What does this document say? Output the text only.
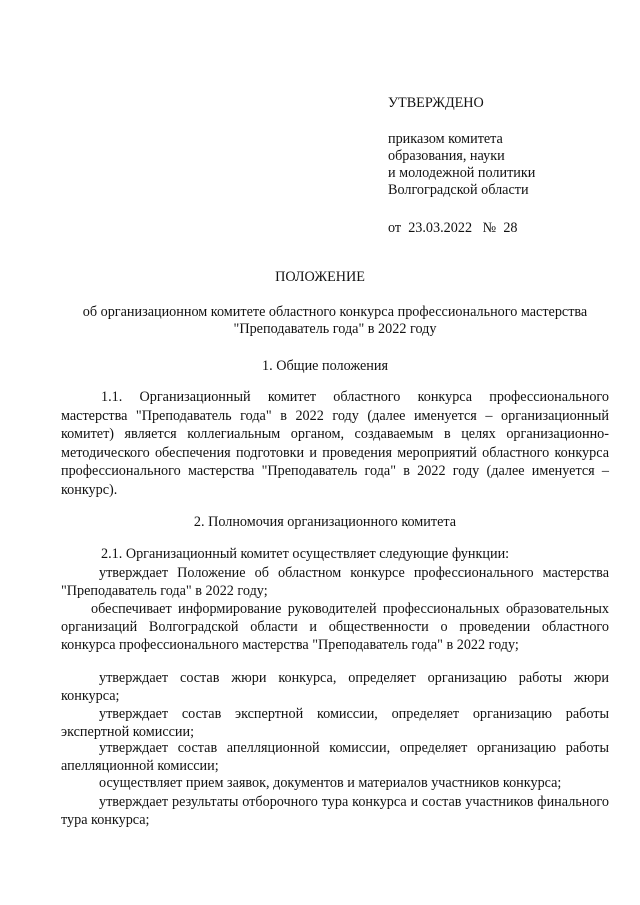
УТВЕРЖДЕНО
приказом комитета
образования, науки
и молодежной политики
Волгоградской области
от  23.03.2022   №  28
ПОЛОЖЕНИЕ
об организационном комитете областного конкурса профессионального мастерства "Преподаватель года" в 2022 году
1. Общие положения
1.1. Организационный комитет областного конкурса профессионального мастерства "Преподаватель года" в 2022 году (далее именуется – организационный комитет) является коллегиальным органом, создаваемым в целях организационно-методического обеспечения подготовки и проведения мероприятий областного конкурса профессионального мастерства "Преподаватель года" в 2022 году (далее именуется – конкурс).
2. Полномочия организационного комитета
2.1. Организационный комитет осуществляет следующие функции:
утверждает Положение об областном конкурсе профессионального мастерства "Преподаватель года" в 2022 году;
обеспечивает информирование руководителей профессиональных образовательных организаций Волгоградской области и общественности о проведении областного конкурса профессионального мастерства "Преподаватель года" в 2022 году;
утверждает состав жюри конкурса, определяет организацию работы жюри конкурса;
утверждает состав экспертной комиссии, определяет организацию работы экспертной комиссии;
утверждает состав апелляционной комиссии, определяет организацию работы апелляционной комиссии;
осуществляет прием заявок, документов и материалов участников конкурса;
утверждает результаты отборочного тура конкурса и состав участников финального тура конкурса;
